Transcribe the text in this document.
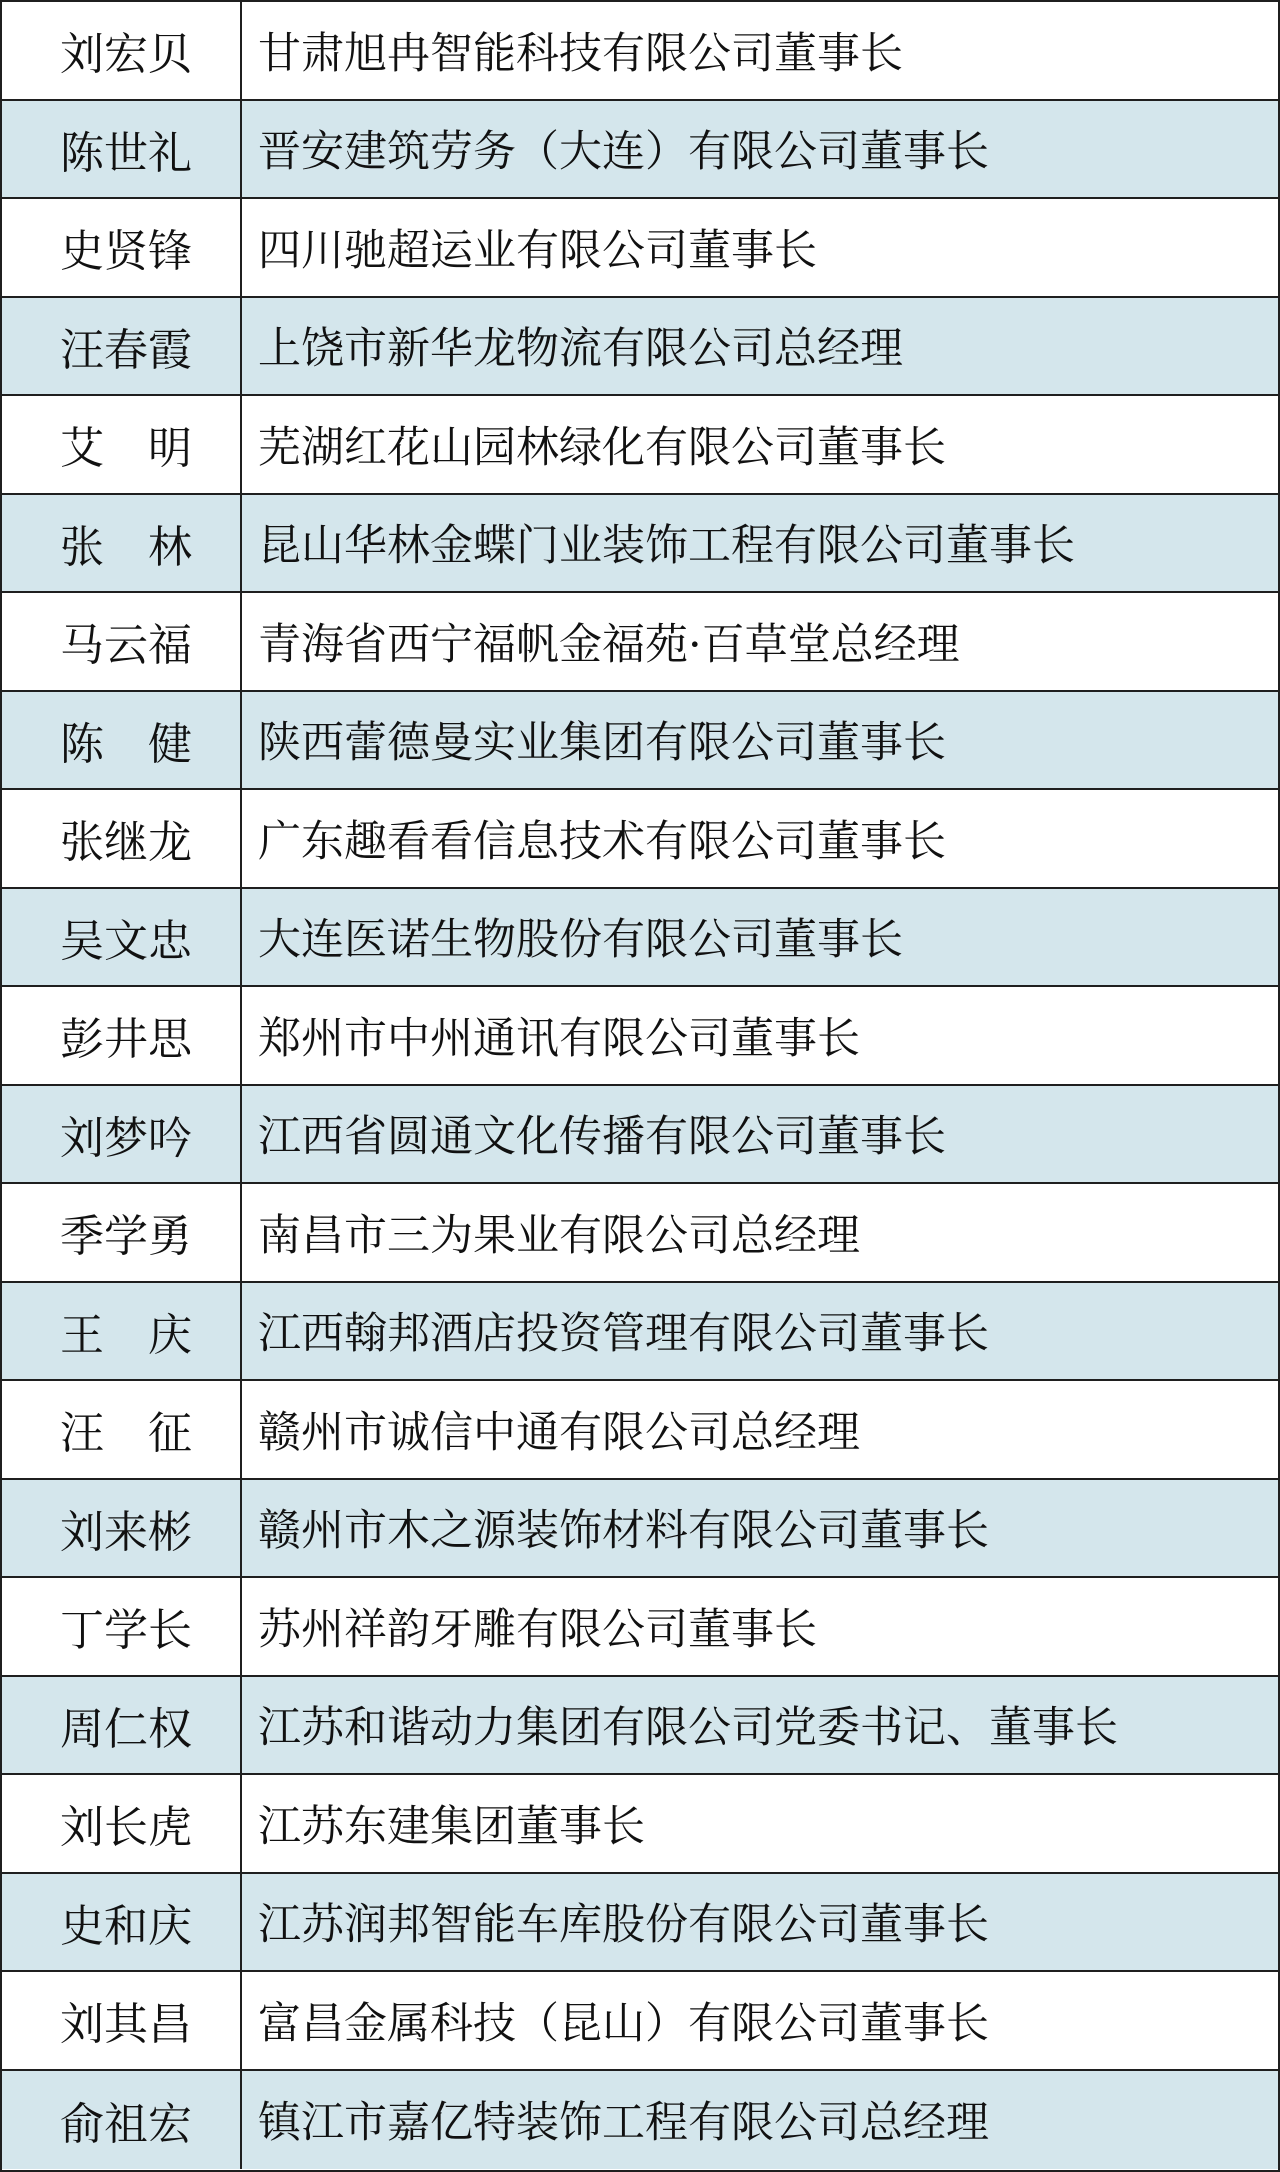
刘宏贝	甘肃旭冉智能科技有限公司董事长
陈世礼	晋安建筑劳务（大连）有限公司董事长
史贤锋	四川驰超运业有限公司董事长
汪春霞	上饶市新华龙物流有限公司总经理
艾　明	芜湖红花山园林绿化有限公司董事长
张　林	昆山华林金蝶门业装饰工程有限公司董事长
马云福	青海省西宁福帆金福苑·百草堂总经理
陈　健	陕西蕾德曼实业集团有限公司董事长
张继龙	广东趣看看信息技术有限公司董事长
吴文忠	大连医诺生物股份有限公司董事长
彭井思	郑州市中州通讯有限公司董事长
刘梦吟	江西省圆通文化传播有限公司董事长
季学勇	南昌市三为果业有限公司总经理
王　庆	江西翰邦酒店投资管理有限公司董事长
汪　征	赣州市诚信中通有限公司总经理
刘来彬	赣州市木之源装饰材料有限公司董事长
丁学长	苏州祥韵牙雕有限公司董事长
周仁权	江苏和谐动力集团有限公司党委书记、董事长
刘长虎	江苏东建集团董事长
史和庆	江苏润邦智能车库股份有限公司董事长
刘其昌	富昌金属科技（昆山）有限公司董事长
俞祖宏	镇江市嘉亿特装饰工程有限公司总经理
